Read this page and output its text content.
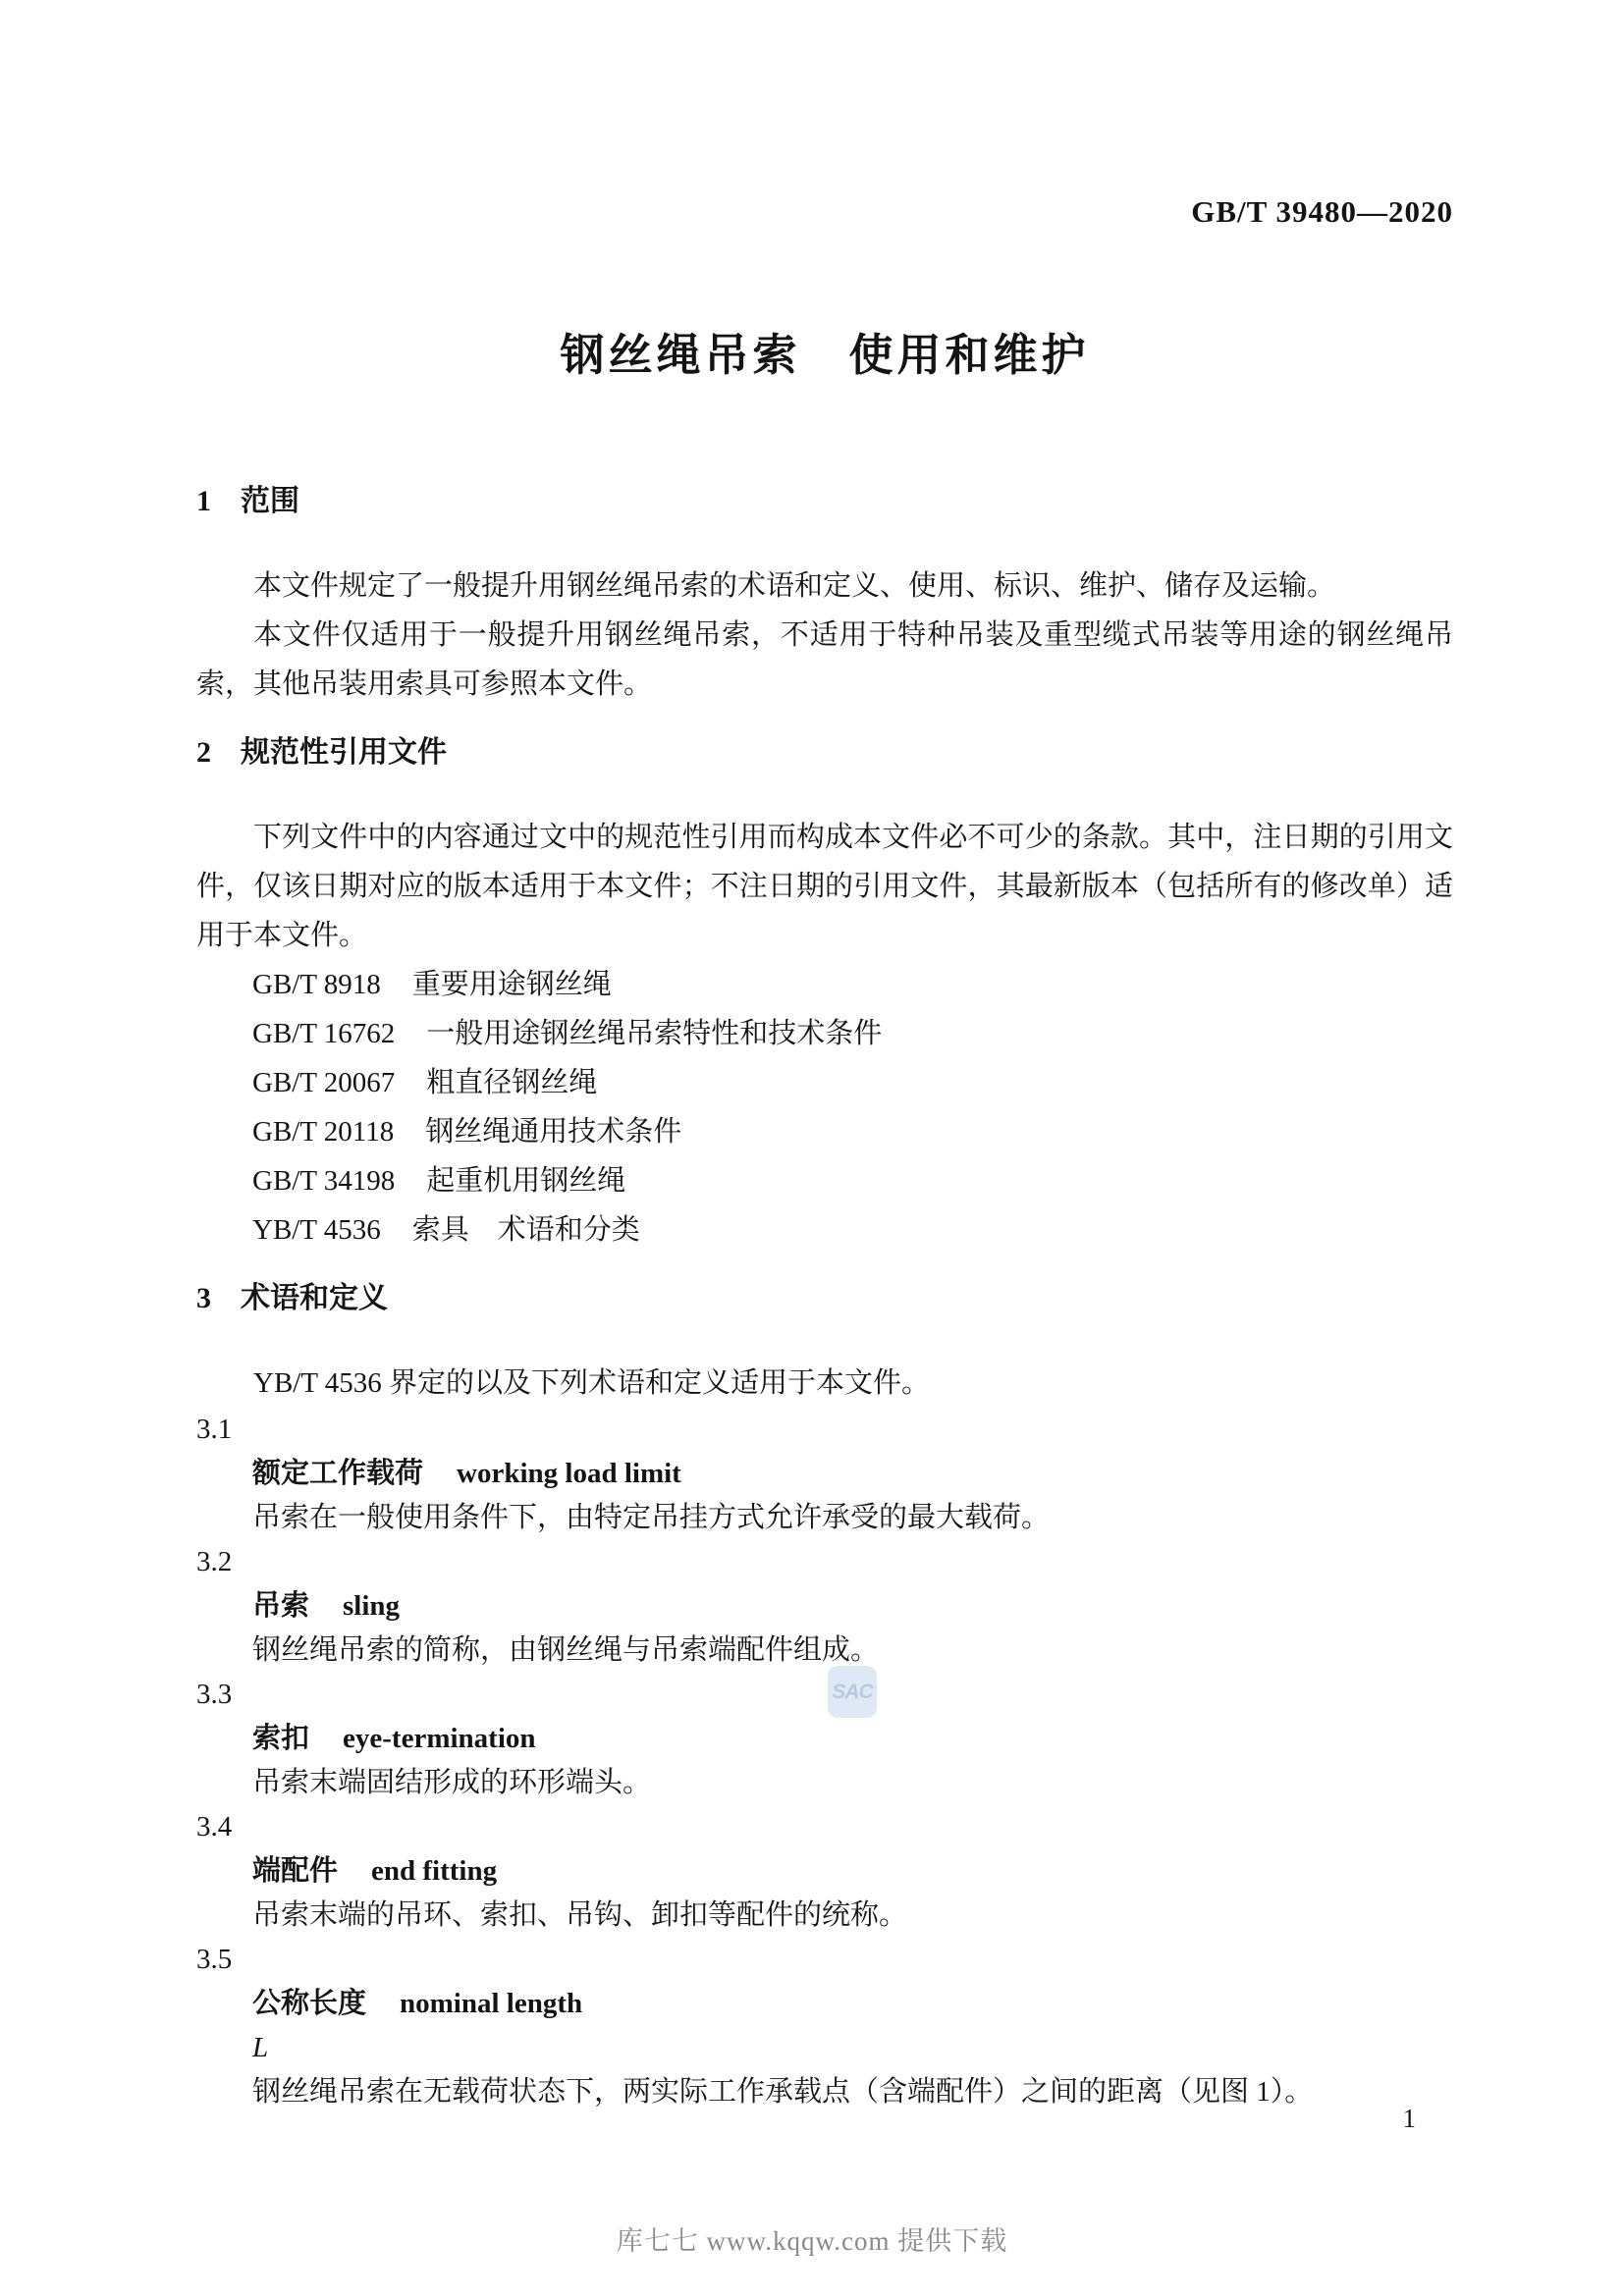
GB/T 39480—2020
钢丝绳吊索　使用和维护
1 范围

本文件规定了一般提升用钢丝绳吊索的术语和定义、使用、标识、维护、储存及运输。

本文件仅适用于一般提升用钢丝绳吊索，不适用于特种吊装及重型缆式吊装等用途的钢丝绳吊索，其他吊装用索具可参照本文件。

2 规范性引用文件

下列文件中的内容通过文中的规范性引用而构成本文件必不可少的条款。其中，注日期的引用文件，仅该日期对应的版本适用于本文件；不注日期的引用文件，其最新版本（包括所有的修改单）适用于本文件。

GB/T 8918 重要用途钢丝绳
GB/T 16762 一般用途钢丝绳吊索特性和技术条件
GB/T 20067 粗直径钢丝绳
GB/T 20118 钢丝绳通用技术条件
GB/T 34198 起重机用钢丝绳
YB/T 4536 索具　术语和分类
3 术语和定义

YB/T 4536 界定的以及下列术语和定义适用于本文件。

3.1
额定工作载荷 working load limit
吊索在一般使用条件下，由特定吊挂方式允许承受的最大载荷。
3.2
吊索 sling
钢丝绳吊索的简称，由钢丝绳与吊索端配件组成。
3.3
索扣 eye-termination
吊索末端固结形成的环形端头。
3.4
端配件 end fitting
吊索末端的吊环、索扣、吊钩、卸扣等配件的统称。
3.5
公称长度 nominal length
L
钢丝绳吊索在无载荷状态下，两实际工作承载点（含端配件）之间的距离（见图 1）。
SAC
1
库七七 www.kqqw.com 提供下载
